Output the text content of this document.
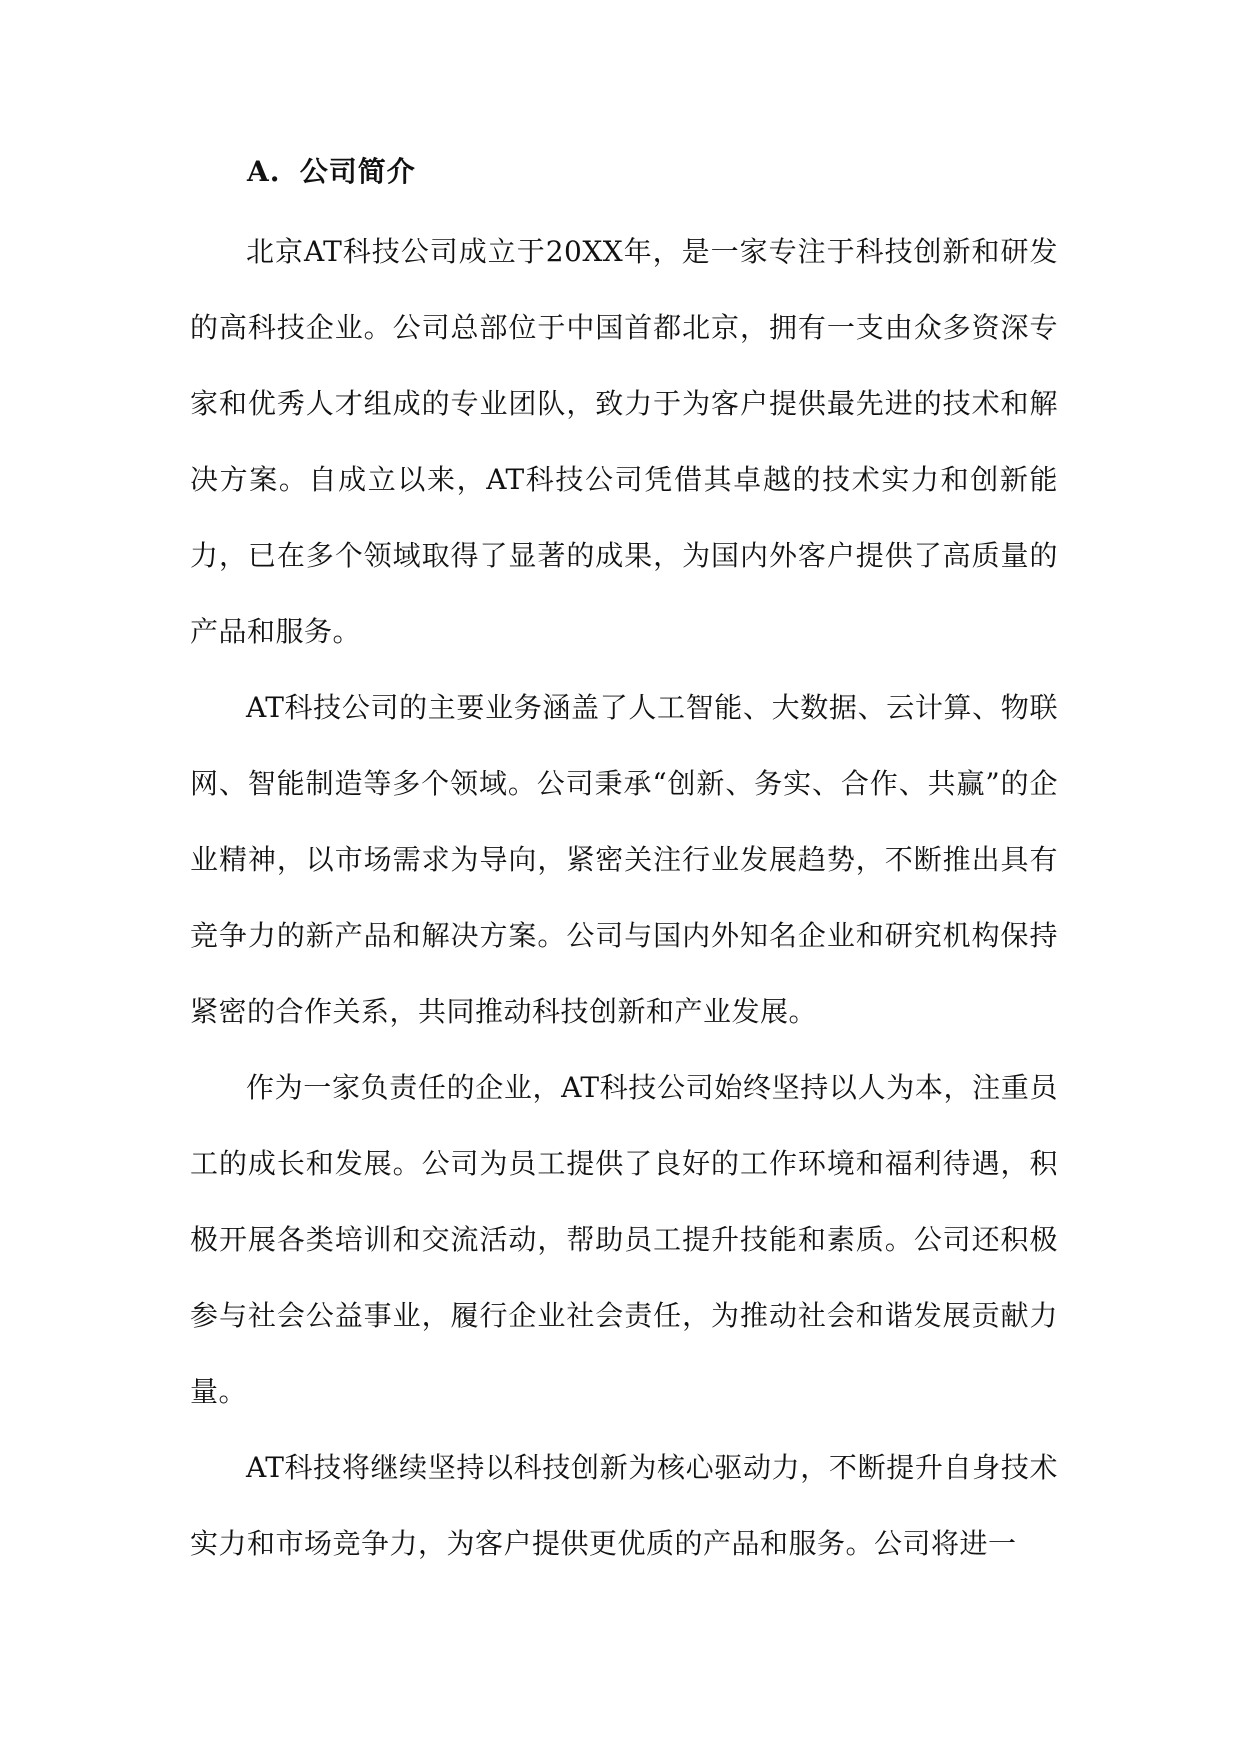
A. 公司简介

北京AT科技公司成立于20XX年，是一家专注于科技创新和研发的高科技企业。公司总部位于中国首都北京，拥有一支由众多资深专家和优秀人才组成的专业团队，致力于为客户提供最先进的技术和解决方案。自成立以来，AT科技公司凭借其卓越的技术实力和创新能力，已在多个领域取得了显著的成果，为国内外客户提供了高质量的产品和服务。

AT科技公司的主要业务涵盖了人工智能、大数据、云计算、物联网、智能制造等多个领域。公司秉承“创新、务实、合作、共赢”的企业精神，以市场需求为导向，紧密关注行业发展趋势，不断推出具有竞争力的新产品和解决方案。公司与国内外知名企业和研究机构保持紧密的合作关系，共同推动科技创新和产业发展。

作为一家负责任的企业，AT科技公司始终坚持以人为本，注重员工的成长和发展。公司为员工提供了良好的工作环境和福利待遇，积极开展各类培训和交流活动，帮助员工提升技能和素质。公司还积极参与社会公益事业，履行企业社会责任，为推动社会和谐发展贡献力量。

AT科技将继续坚持以科技创新为核心驱动力，不断提升自身技术实力和市场竞争力，为客户提供更优质的产品和服务。公司将进一
